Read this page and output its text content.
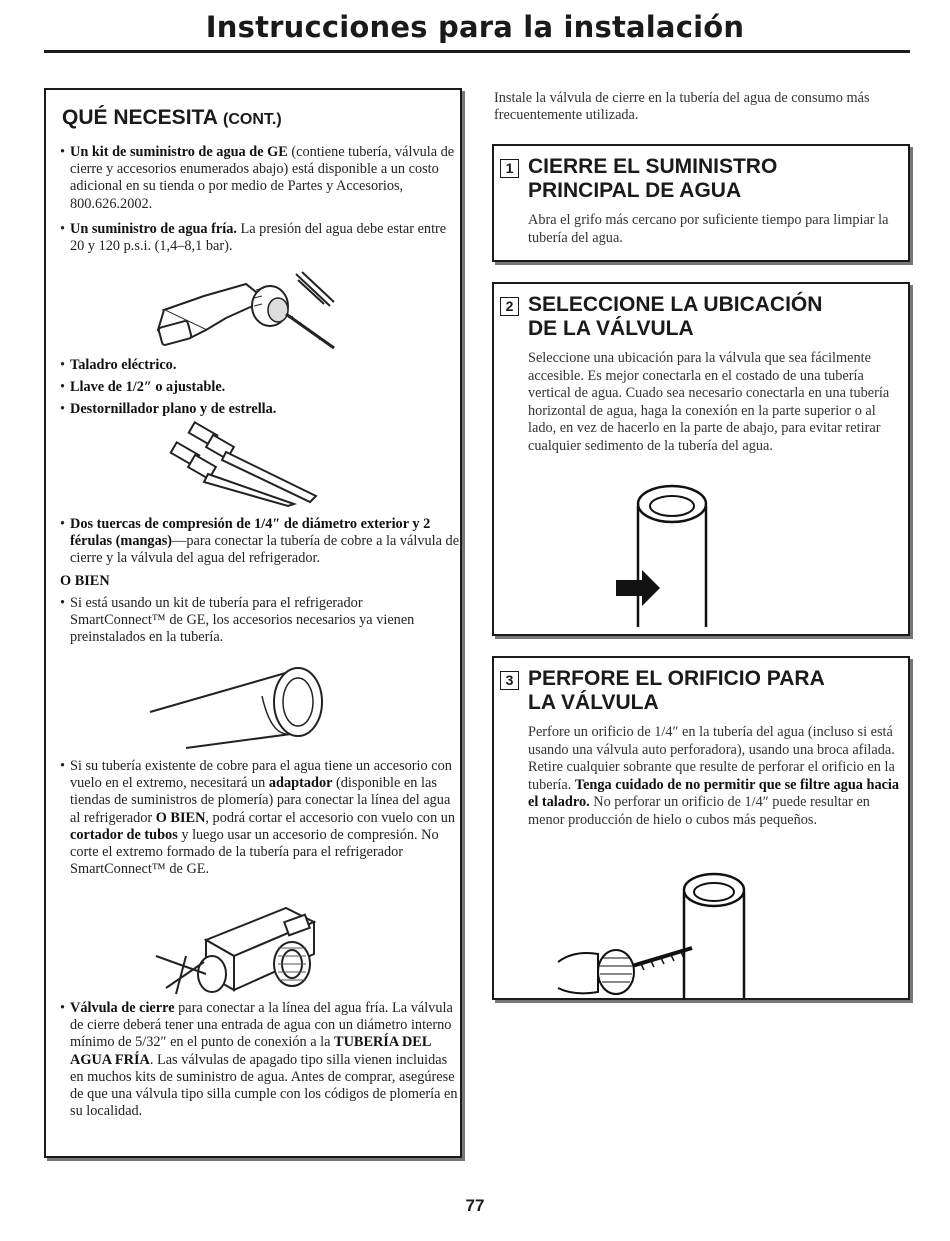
Instrucciones para la instalación
QUÉ NECESITA (CONT.)
• Un kit de suministro de agua de GE (contiene tubería, válvula de cierre y accesorios enumerados abajo) está disponible a un costo adicional en su tienda o por medio de Partes y Accesorios, 800.626.2002.
• Un suministro de agua fría. La presión del agua debe estar entre 20 y 120 p.s.i. (1,4–8,1 bar).
• Taladro eléctrico.
• Llave de 1/2″ o ajustable.
• Destornillador plano y de estrella.
• Dos tuercas de compresión de 1/4″ de diámetro exterior y 2 férulas (mangas)—para conectar la tubería de cobre a la válvula de cierre y la válvula del agua del refrigerador.
O BIEN
• Si está usando un kit de tubería para el refrigerador SmartConnect™ de GE, los accesorios necesarios ya vienen preinstalados en la tubería.
• Si su tubería existente de cobre para el agua tiene un accesorio con vuelo en el extremo, necesitará un adaptador (disponible en las tiendas de suministros de plomería) para conectar la línea del agua al refrigerador O BIEN, podrá cortar el accesorio con vuelo con un cortador de tubos y luego usar un accesorio de compresión. No corte el extremo formado de la tubería para el refrigerador SmartConnect™ de GE.
• Válvula de cierre para conectar a la línea del agua fría. La válvula de cierre deberá tener una entrada de agua con un diámetro interno mínimo de 5/32″ en el punto de conexión a la TUBERÍA DEL AGUA FRÍA. Las válvulas de apagado tipo silla vienen incluidas en muchos kits de suministro de agua. Antes de comprar, asegúrese de que una válvula tipo silla cumple con los códigos de plomería en su localidad.
Instale la válvula de cierre en la tubería del agua de consumo más frecuentemente utilizada.
1 CIERRE EL SUMINISTRO
PRINCIPAL DE AGUA
Abra el grifo más cercano por suficiente tiempo para limpiar la tubería del agua.
2 SELECCIONE LA UBICACIÓN
DE LA VÁLVULA
Seleccione una ubicación para la válvula que sea fácilmente accesible. Es mejor conectarla en el costado de una tubería vertical de agua. Cuado sea necesario conectarla en una tubería horizontal de agua, haga la conexión en la parte superior o al lado, en vez de hacerlo en la parte de abajo, para evitar retirar cualquier sedimento de la tubería del agua.
3 PERFORE EL ORIFICIO PARA
LA VÁLVULA
Perfore un orificio de 1/4″ en la tubería del agua (incluso si está usando una válvula auto perforadora), usando una broca afilada. Retire cualquier sobrante que resulte de perforar el orificio en la tubería. Tenga cuidado de no permitir que se filtre agua hacia el taladro. No perforar un orificio de 1/4″ puede resultar en menor producción de hielo o cubos más pequeños.
77
